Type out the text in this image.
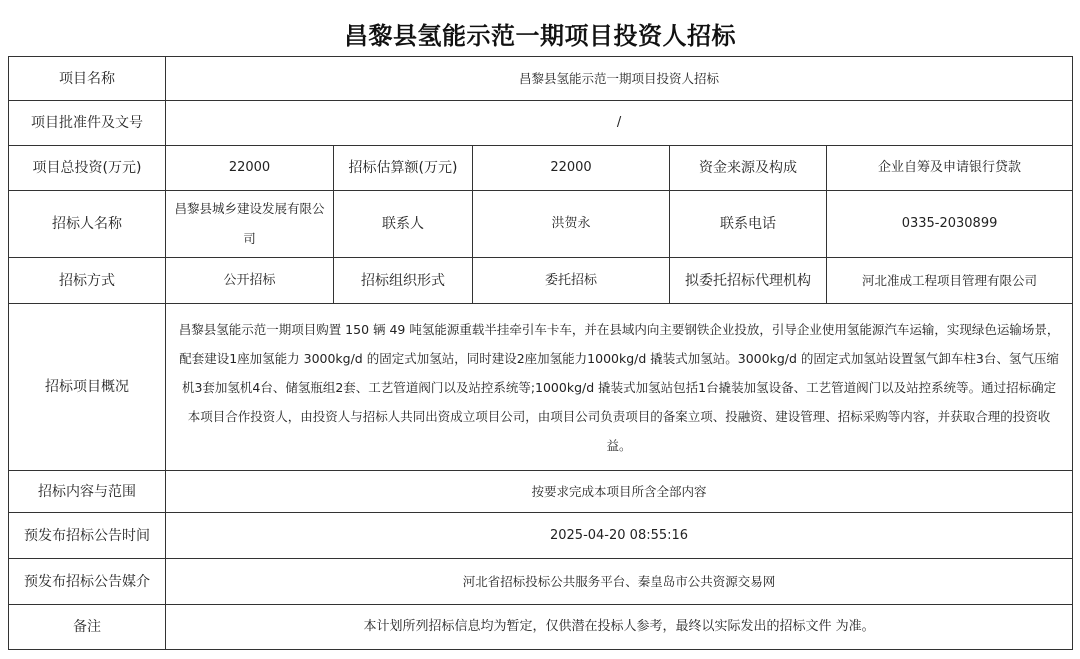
昌黎县氢能示范一期项目投资人招标
项目名称	昌黎县氢能示范一期项目投资人招标				
项目批准件及文号	/				
项目总投资(万元)	22000	招标估算额(万元)	22000	资金来源及构成	企业自筹及申请银行贷款
招标人名称	昌黎县城乡建设发展有限公司	联系人	洪贺永	联系电话	0335-2030899
招标方式	公开招标	招标组织形式	委托招标	拟委托招标代理机构	河北准成工程项目管理有限公司
招标项目概况	昌黎县氢能示范一期项目购置 150 辆 49 吨氢能源重载半挂牵引车卡车，并在县域内向主要钢铁企业投放，引导企业使用氢能源汽车运输，实现绿色运输场景，配套建设1座加氢能力 3000kg/d 的固定式加氢站，同时建设2座加氢能力1000kg/d 撬装式加氢站。3000kg/d 的固定式加氢站设置氢气卸车柱3台、氢气压缩机3套加氢机4台、储氢瓶组2套、工艺管道阀门以及站控系统等;1000kg/d 撬装式加氢站包括1台撬装加氢设备、工艺管道阀门以及站控系统等。通过招标确定本项目合作投资人，由投资人与招标人共同出资成立项目公司，由项目公司负责项目的备案立项、投融资、建设管理、招标采购等内容，并获取合理的投资收益。				
招标内容与范围	按要求完成本项目所含全部内容				
预发布招标公告时间	2025-04-20 08:55:16				
预发布招标公告媒介	河北省招标投标公共服务平台、秦皇岛市公共资源交易网				
备注	本计划所列招标信息均为暂定，仅供潜在投标人参考，最终以实际发出的招标文件 为准。				
